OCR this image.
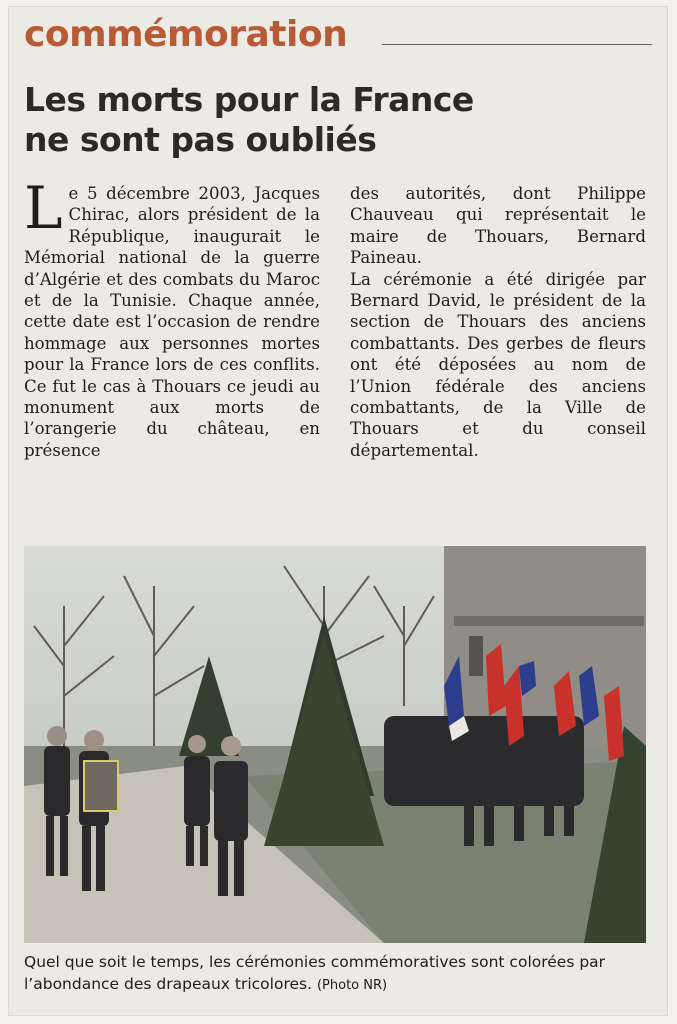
commémoration
Les morts pour la France
ne sont pas oubliés

Le 5 décembre 2003, Jacques Chirac, alors président de la République, inaugurait le Mémorial national de la guerre d’Algérie et des combats du Maroc et de la Tunisie. Chaque année, cette date est l’occasion de rendre hommage aux personnes mortes pour la France lors de ces conflits. Ce fut le cas à Thouars ce jeudi au monument aux morts de l’orangerie du château, en présence

des autorités, dont Philippe Chauveau qui représentait le maire de Thouars, Bernard Paineau.

La cérémonie a été dirigée par Bernard David, le président de la section de Thouars des anciens combattants. Des gerbes de fleurs ont été déposées au nom de l’Union fédérale des anciens combattants, de la Ville de Thouars et du conseil départemental.

Quel que soit le temps, les cérémonies commémoratives sont colorées par l’abondance des drapeaux tricolores. (Photo NR)
